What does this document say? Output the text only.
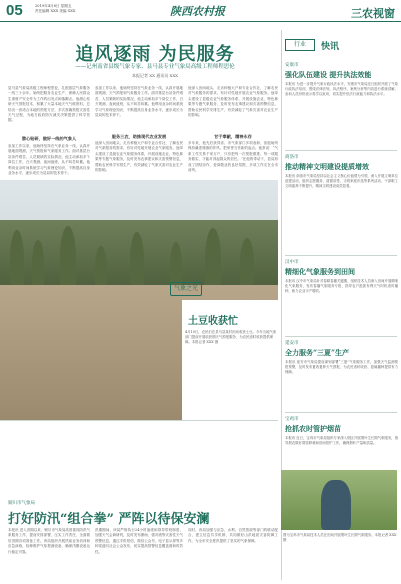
05	2019年4月8日 星期五
责任编辑 XXX 美编 XXX	陕西农村报	三农视窗
追风逐雨 为民服务
——记州南省县级气象专家、县马县专业气象局高级工程师程思伦
本报记者 XX 通讯员 XXX
县马县气象局高级工程师程思伦，扎根基层气象服务一线三十余年，始终把服务农业生产、保障人民群众生命财产安全作为工作的出发点和落脚点。他潜心钻研天气预报技术，积累了大量本地天气气候资料，总结出一套适合本地的预报方法，多次准确预报灾害性天气过程，为地方政府防灾减灾决策提供了科学依据。
潜心钻研，做好一线的气象人
参加工作以来，他始终坚持在气象业务一线，认真开展地面观测、天气预报和气象服务工作。面对基层台站条件艰苦、人员紧缺的实际情况，他主动承担多个岗位工作，白天观测、夜间值班，从不叫苦叫累。他利用业余时间系统学习气象理论知识，不断提高自身业务水平，逐步成长为县局的技术骨干。
参加工作以来，他始终坚持在气象业务一线，认真开展地面观测、天气预报和气象服务工作。面对基层台站条件艰苦、人员紧缺的实际情况，他主动承担多个岗位工作，白天观测、夜间值班，从不叫苦叫累。他利用业余时间系统学习气象理论知识，不断提高自身业务水平，逐步成长为县局的技术骨干。
服务三农，助推现代农业发展
他深入田间地头，走访种植大户和专业合作社，了解农民对气象服务的需求，有针对性地开展农业气象服务。他牵头建设了县级农业气象服务体系，开展设施农业、特色林果等专题气象服务，及时发布农事建议和灾害预警信息，帮助农民科学安排生产，有效减轻了气象灾害对农业生产的影响。
他深入田间地头，走访种植大户和专业合作社，了解农民对气象服务的需求，有针对性地开展农业气象服务。他牵头建设了县级农业气象服务体系，开展设施农业、特色林果等专题气象服务，及时发布农事建议和灾害预警信息，帮助农民科学安排生产，有效减轻了气象灾害对农业生产的影响。
甘于奉献，精神永存
多年来，他先后获得省、市气象部门多项表彰，但他始终保持谦虚谨慎的作风，把荣誉当作新的起点。他常说：“气象工作关系千家万户，只有把每一次预报做准、每一项服务做实，才能对得起群众的信任。”在他的带动下，县局形成了团结协作、爱岗敬业的良好氛围，多项工作走在全市前列。
气象之光
土豆收获忙
4月10日，农民们在县马县某村田间收获土豆。今年当地气象部门提前开展收获期天气预报服务，为农民适时收获提供保障。本报记者 XXX 摄
铜川市气象局
打好防汛“组合拳” 严阵以待保安澜
本报讯 进入汛期以来，铜川市气象局高度重视防汛气象服务工作，提前安排部署，压实工作责任，全面做好汛期各项准备工作。该局组织开展汛前业务培训和应急演练，检修维护气象观测设备，确保汛期设备运行稳定可靠。
汛期期间，该局严格执行24小时值班和领导带班制度，加强天气会商研判，及时发布暴雨、强对流等灾害性天气预警信息，通过手机短信、微信公众号、电子显示屏等多种渠道向社会公众发布，切实提高预警信息覆盖面和时效性。
同时，该局加强与应急、水利、自然资源等部门的联动配合，建立信息共享机制，共同做好山洪地质灾害防御工作，为全市安全度汛提供了坚实的气象保障。
行业	快讯
安康市
强化队伍建设 提升执法效能
本报讯 为进一步提升气象行政执法水平，安康市气象局近日组织开展了气象行政执法培训，围绕法律法规、执法程序、案例分析等内容进行系统讲解，参训人员纷纷表示将学以致用，切实提升依法行政能力和执法水平。
商洛市
推动精神文明建设提质增效
本报讯 商洛市气象局坚持以社会主义核心价值观为引领，深入开展文明单位创建活动，组织志愿服务、道德讲堂、文明家庭评选等系列活动，干部职工文明素养不断提升，精神文明建设成效显著。
汉中市
精细化气象服务到田间
本报讯 汉中市气象局针对春耕春播关键期，组织技术人员深入田间开展精细化气象服务，发布春播气象服务专报，指导农户抢抓有利天气时机适时播种，助力农业丰产增收。
延安市
全力服务“三夏”生产
本报讯 延安市气象局提前谋划部署“三夏”气象服务工作，加强天气监测预报预警，及时发布夏收夏种天气预报，为农民适时收获、抢墒播种提供有力保障。
宝鸡市
抢抓农时管护烟苗
本报讯 近日，宝鸡市气象局组织专家深入烟区开展烟叶生长期气象服务，指导烟农做好烟苗移栽和田间管护工作，确保烟叶产量和质量。
图为宝鸡市气象局技术人员在田间开展烟叶生长期气象服务。本报记者 XXX 摄
